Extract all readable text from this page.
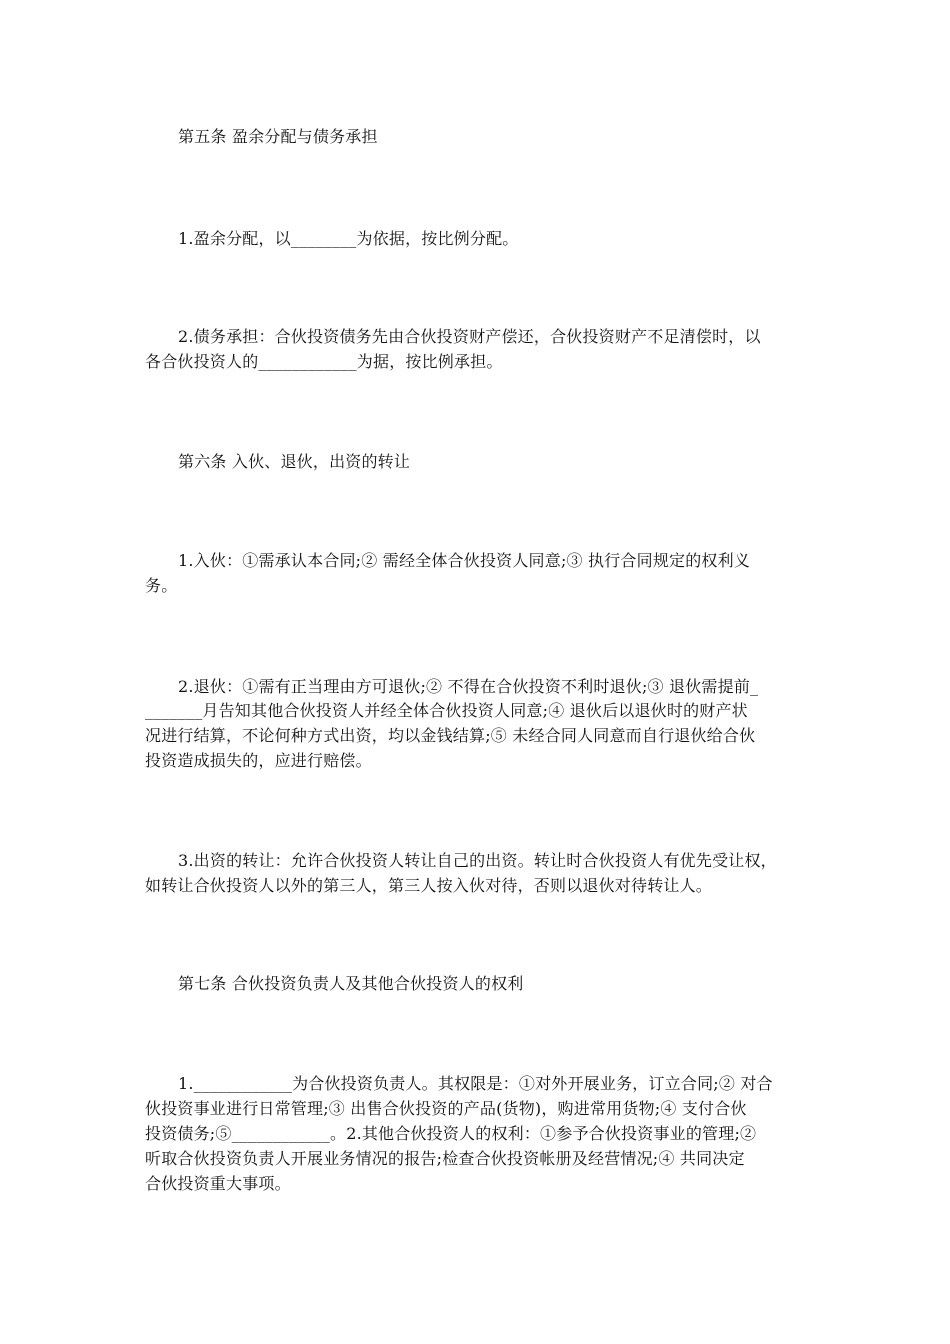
第五条 盈余分配与债务承担
1.盈余分配，以________为依据，按比例分配。
2.债务承担：合伙投资债务先由合伙投资财产偿还，合伙投资财产不足清偿时，以
各合伙投资人的____________为据，按比例承担。
第六条 入伙、退伙，出资的转让
1.入伙：①需承认本合同;② 需经全体合伙投资人同意;③ 执行合同规定的权利义
务。
2.退伙：①需有正当理由方可退伙;② 不得在合伙投资不利时退伙;③ 退伙需提前_
_______月告知其他合伙投资人并经全体合伙投资人同意;④ 退伙后以退伙时的财产状
况进行结算，不论何种方式出资，均以金钱结算;⑤ 未经合同人同意而自行退伙给合伙
投资造成损失的，应进行赔偿。
3.出资的转让：允许合伙投资人转让自己的出资。转让时合伙投资人有优先受让权，
如转让合伙投资人以外的第三人，第三人按入伙对待，否则以退伙对待转让人。
第七条 合伙投资负责人及其他合伙投资人的权利
1.____________为合伙投资负责人。其权限是：①对外开展业务，订立合同;② 对合
伙投资事业进行日常管理;③ 出售合伙投资的产品(货物)，购进常用货物;④ 支付合伙
投资债务;⑤____________。2.其他合伙投资人的权利：①参予合伙投资事业的管理;②
听取合伙投资负责人开展业务情况的报告;检查合伙投资帐册及经营情况;④ 共同决定
合伙投资重大事项。
